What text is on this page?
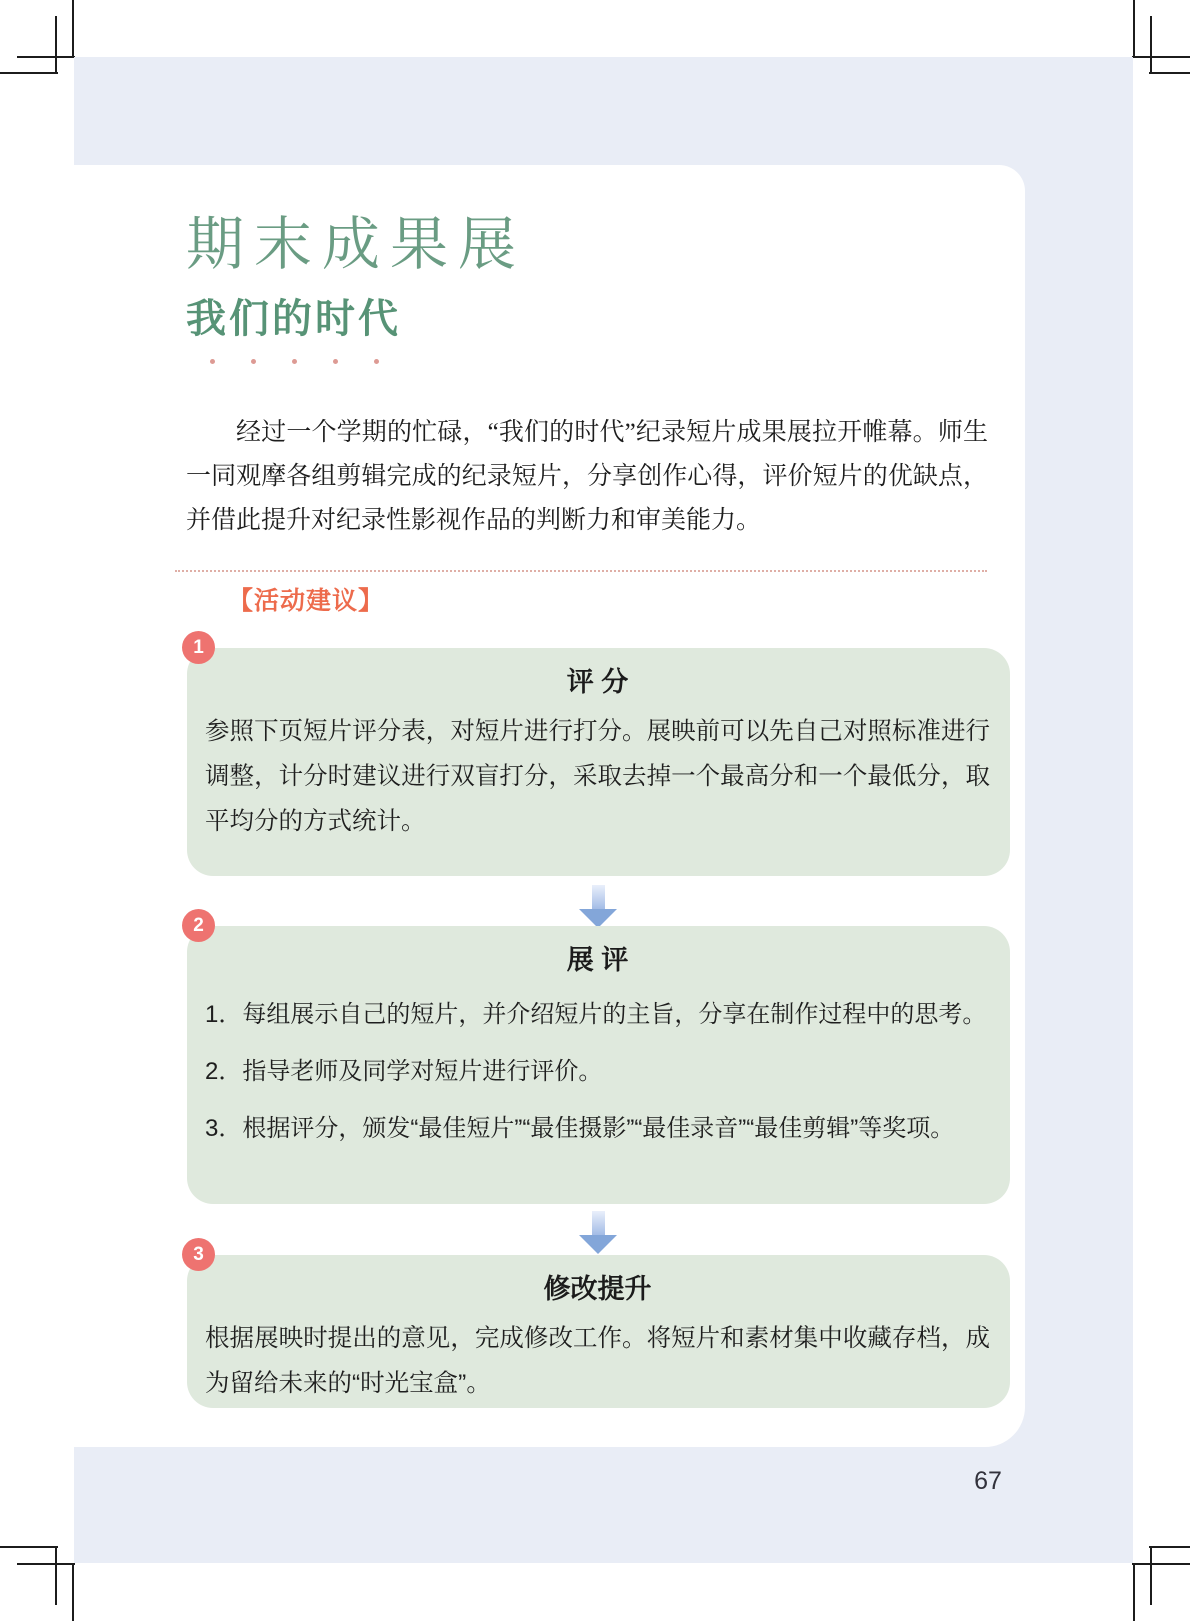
期末成果展
我们的时代

经过一个学期的忙碌，“我们的时代”纪录短片成果展拉开帷幕。师生一同观摩各组剪辑完成的纪录短片，分享创作心得，评价短片的优缺点，并借此提升对纪录性影视作品的判断力和审美能力。

【活动建议】
1

评 分

参照下页短片评分表，对短片进行打分。展映前可以先自己对照标准进行调整，计分时建议进行双盲打分，采取去掉一个最高分和一个最低分，取平均分的方式统计。

2

展 评

1．每组展示自己的短片，并介绍短片的主旨，分享在制作过程中的思考。
2．指导老师及同学对短片进行评价。
3．根据评分，颁发“最佳短片”“最佳摄影”“最佳录音”“最佳剪辑”等奖项。
3

修改提升

根据展映时提出的意见，完成修改工作。将短片和素材集中收藏存档，成为留给未来的“时光宝盒”。

67
